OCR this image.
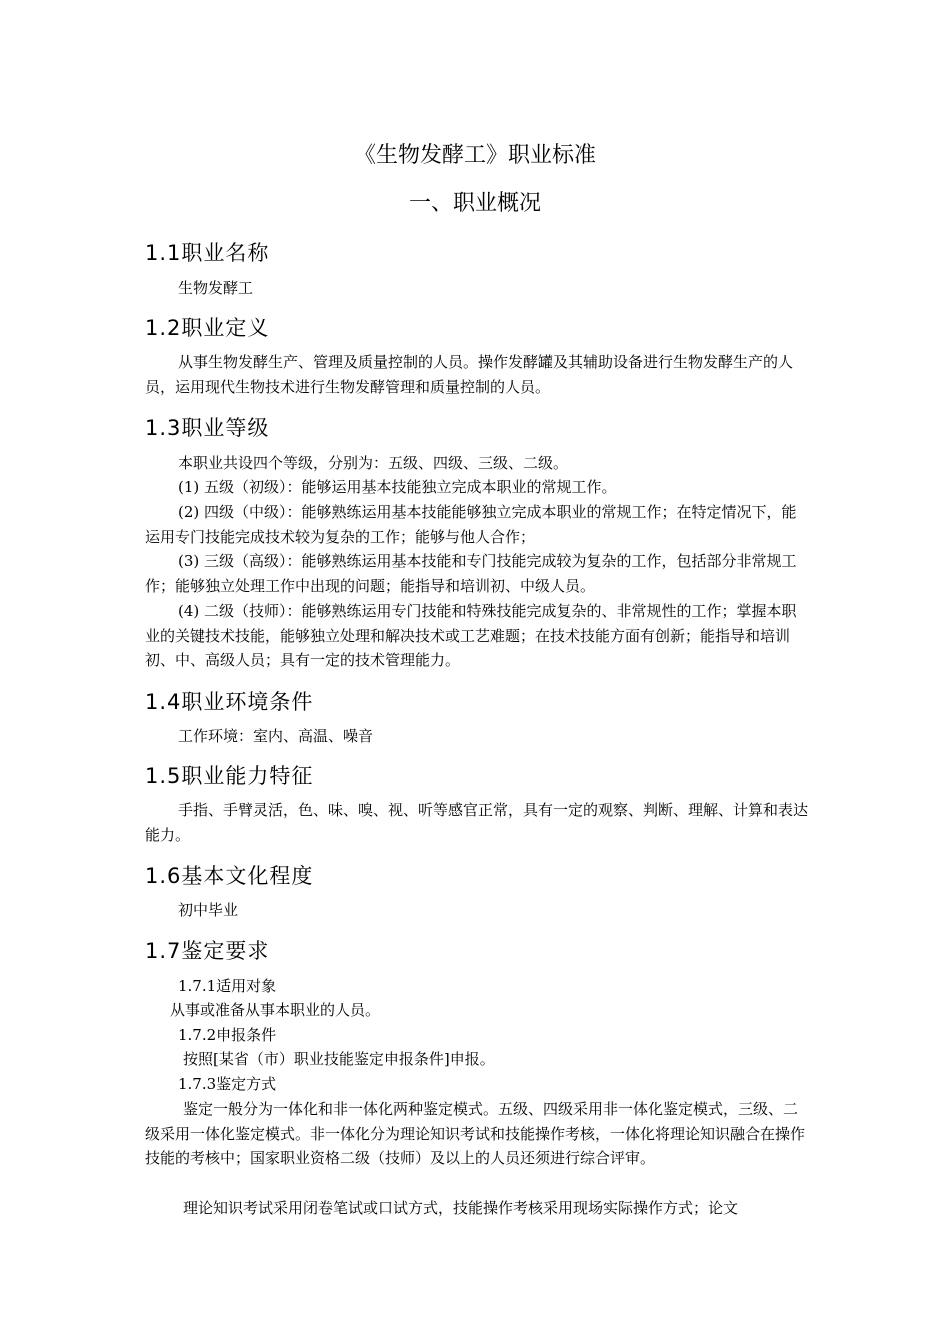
《生物发酵工》职业标准
一、职业概况
1.1职业名称

生物发酵工

1.2职业定义

从事生物发酵生产、管理及质量控制的人员。操作发酵罐及其辅助设备进行生物发酵生产的人员，运用现代生物技术进行生物发酵管理和质量控制的人员。

1.3职业等级

本职业共设四个等级，分别为：五级、四级、三级、二级。

(1) 五级（初级）：能够运用基本技能独立完成本职业的常规工作。

(2) 四级（中级）：能够熟练运用基本技能能够独立完成本职业的常规工作；在特定情况下，能运用专门技能完成技术较为复杂的工作；能够与他人合作；

(3) 三级（高级）：能够熟练运用基本技能和专门技能完成较为复杂的工作，包括部分非常规工作；能够独立处理工作中出现的问题；能指导和培训初、中级人员。

(4) 二级（技师）：能够熟练运用专门技能和特殊技能完成复杂的、非常规性的工作；掌握本职业的关键技术技能，能够独立处理和解决技术或工艺难题；在技术技能方面有创新；能指导和培训初、中、高级人员；具有一定的技术管理能力。

1.4职业环境条件

工作环境：室内、高温、噪音

1.5职业能力特征

手指、手臂灵活，色、味、嗅、视、听等感官正常，具有一定的观察、判断、理解、计算和表达能力。

1.6基本文化程度

初中毕业

1.7鉴定要求

1.7.1适用对象

从事或准备从事本职业的人员。

1.7.2申报条件

按照[某省（市）职业技能鉴定申报条件]申报。

1.7.3鉴定方式

鉴定一般分为一体化和非一体化两种鉴定模式。五级、四级采用非一体化鉴定模式，三级、二级采用一体化鉴定模式。非一体化分为理论知识考试和技能操作考核，一体化将理论知识融合在操作技能的考核中；国家职业资格二级（技师）及以上的人员还须进行综合评审。

理论知识考试采用闭卷笔试或口试方式，技能操作考核采用现场实际操作方式；论文
